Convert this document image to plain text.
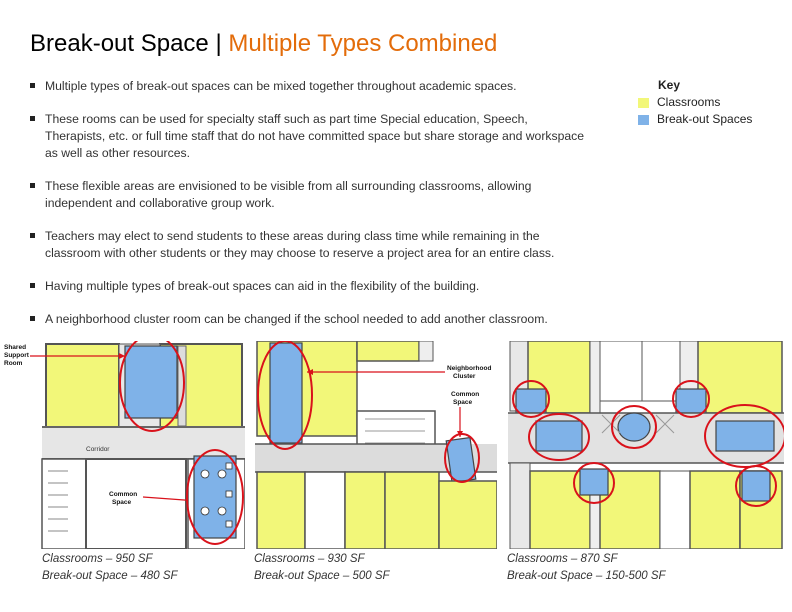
Break-out Space | Multiple Types Combined
Multiple types of break-out spaces can be mixed together throughout academic spaces.
These rooms can be used for specialty staff such as part time Special education, Speech, Therapists, etc. or full time staff that do not have committed space but share storage and workspace as well as other resources.
These flexible areas are envisioned to be visible from all surrounding classrooms, allowing independent and collaborative group work.
Teachers may elect to send students to these areas during class time while remaining in the classroom with other students or they may choose to reserve a project area for an entire class.
Having multiple types of break-out spaces can aid in the flexibility of the building.
A neighborhood cluster room can be changed if the school needed to add another classroom.
Key
Classrooms
Break-out Spaces
Corridor
Common
Space
Shared
Support
Room
Neighborhood
Cluster
Common
Space
Classrooms – 950 SF
Break-out Space – 480 SF
Classrooms – 930 SF
Break-out Space – 500 SF
Classrooms – 870 SF
Break-out Space – 150-500 SF
